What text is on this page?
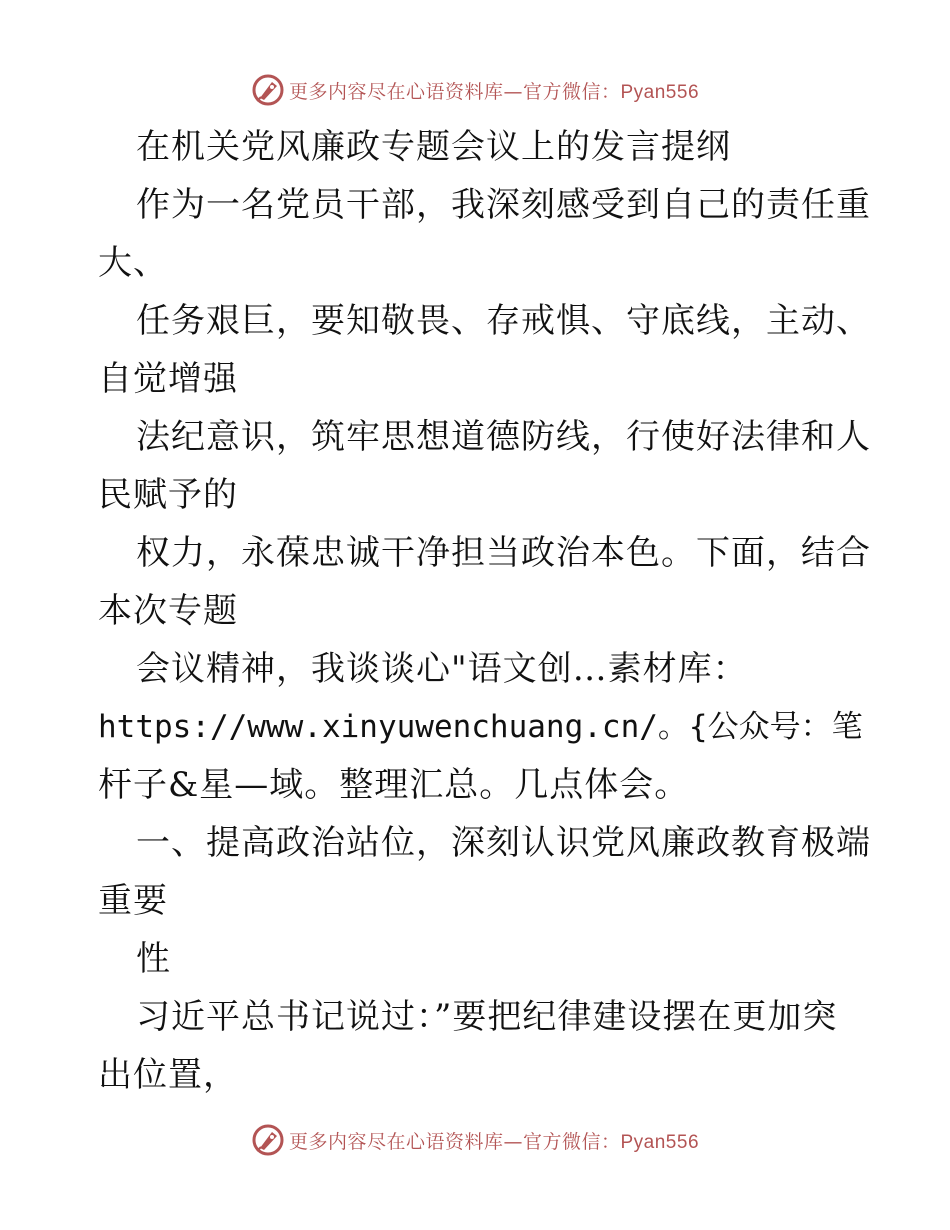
更多内容尽在心语资料库—官方微信：Pyan556
在机关党风廉政专题会议上的发言提纲
作为一名党员干部，我深刻感受到自己的责任重
大、
任务艰巨，要知敬畏、存戒惧、守底线，主动、
自觉增强
法纪意识，筑牢思想道德防线，行使好法律和人
民赋予的
权力，永葆忠诚干净担当政治本色。下面，结合
本次专题
会议精神，我谈谈心"语文创…素材库：
https://www.xinyuwenchuang.cn/。{公众号：笔
杆子&星—域。整理汇总。几点体会。
一、提高政治站位，深刻认识党风廉政教育极端
重要
性
习近平总书记说过：”要把纪律建设摆在更加突
出位置，
更多内容尽在心语资料库—官方微信：Pyan556
